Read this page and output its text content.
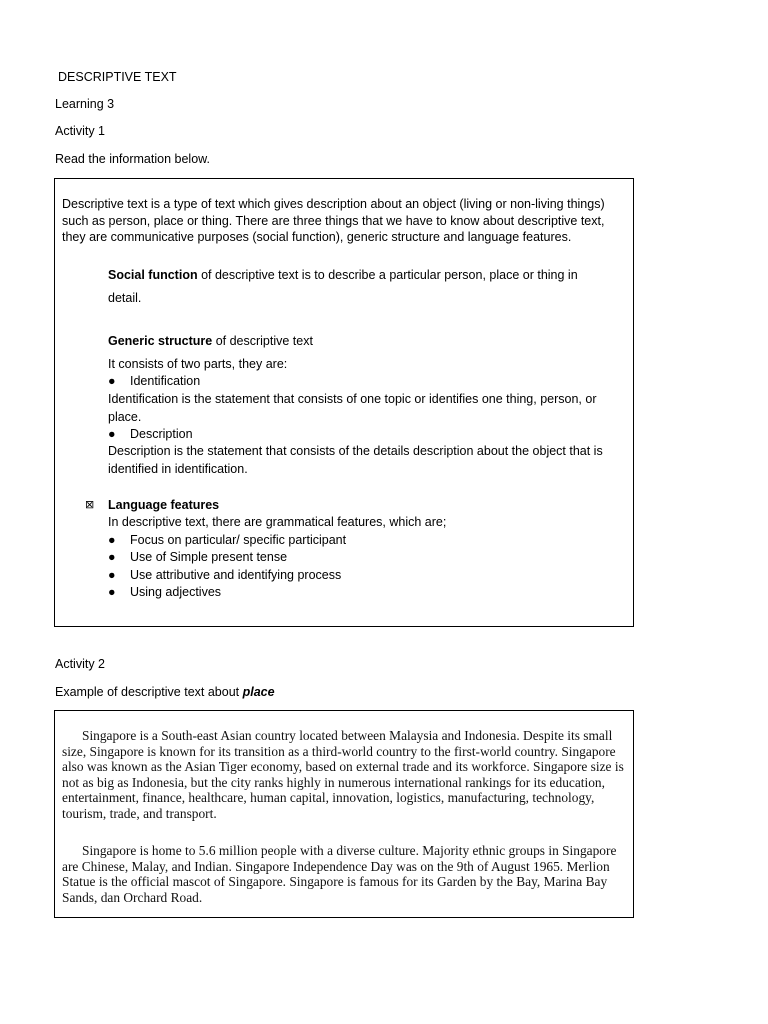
DESCRIPTIVE TEXT
Learning 3
Activity 1
Read the information below.
Descriptive text is a type of text which gives description about an object (living or non-living things) such as person, place or thing. There are three things that we have to know about descriptive text, they are communicative purposes (social function), generic structure and language features.
Social function of descriptive text is to describe a particular person, place or thing in
detail.
Generic structure of descriptive text
It consists of two parts, they are:
● Identification
Identification is the statement that consists of one topic or identifies one thing, person, or place.
● Description
Description is the statement that consists of the details description about the object that is identified in identification.
⊠ Language features
In descriptive text, there are grammatical features, which are;
● Focus on particular/ specific participant
● Use of Simple present tense
● Use attributive and identifying process
● Using adjectives
Activity 2
Example of descriptive text about place
Singapore is a South-east Asian country located between Malaysia and Indonesia. Despite its small size, Singapore is known for its transition as a third-world country to the first-world country. Singapore also was known as the Asian Tiger economy, based on external trade and its workforce. Singapore size is not as big as Indonesia, but the city ranks highly in numerous international rankings for its education, entertainment, finance, healthcare, human capital, innovation, logistics, manufacturing, technology, tourism, trade, and transport.
Singapore is home to 5.6 million people with a diverse culture. Majority ethnic groups in Singapore are Chinese, Malay, and Indian. Singapore Independence Day was on the 9th of August 1965. Merlion Statue is the official mascot of Singapore. Singapore is famous for its Garden by the Bay, Marina Bay Sands, dan Orchard Road.
